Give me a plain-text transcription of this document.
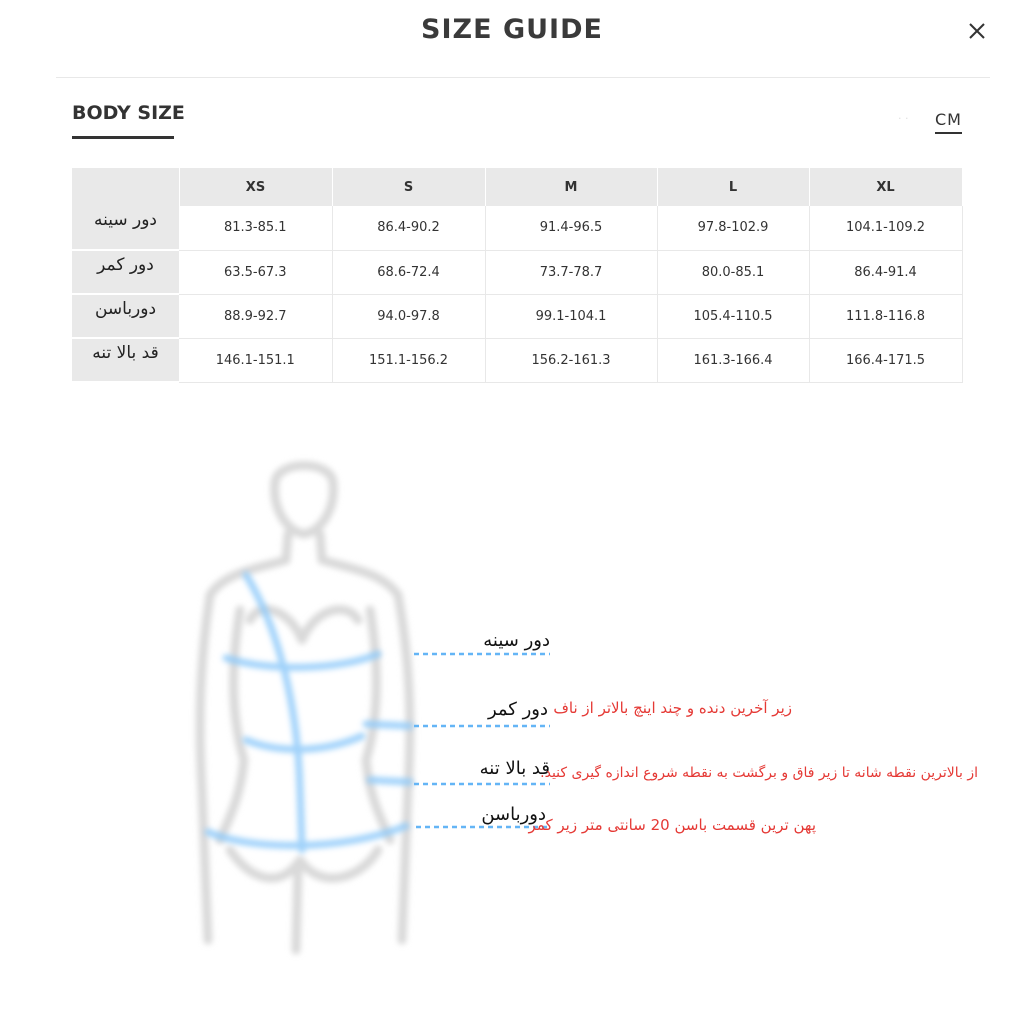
SIZE GUIDE
BODY SIZE	· · CM
	XS	S	M	L	XL
دور سینه	81.3-85.1	86.4-90.2	91.4-96.5	97.8-102.9	104.1-109.2
دور کمر	63.5-67.3	68.6-72.4	73.7-78.7	80.0-85.1	86.4-91.4
دورباسن	88.9-92.7	94.0-97.8	99.1-104.1	105.4-110.5	111.8-116.8
قد بالا تنه	146.1-151.1	151.1-156.2	156.2-161.3	161.3-166.4	166.4-171.5
دور سینه
دور کمر
قد بالا تنه
دورباسن
زیر آخرین دنده و چند اینچ بالاتر از ناف
از بالاترین نقطه شانه تا زیر فاق و برگشت به نقطه شروع اندازه گیری کنید.
پهن ترین قسمت باسن 20 سانتی متر زیر کمر
